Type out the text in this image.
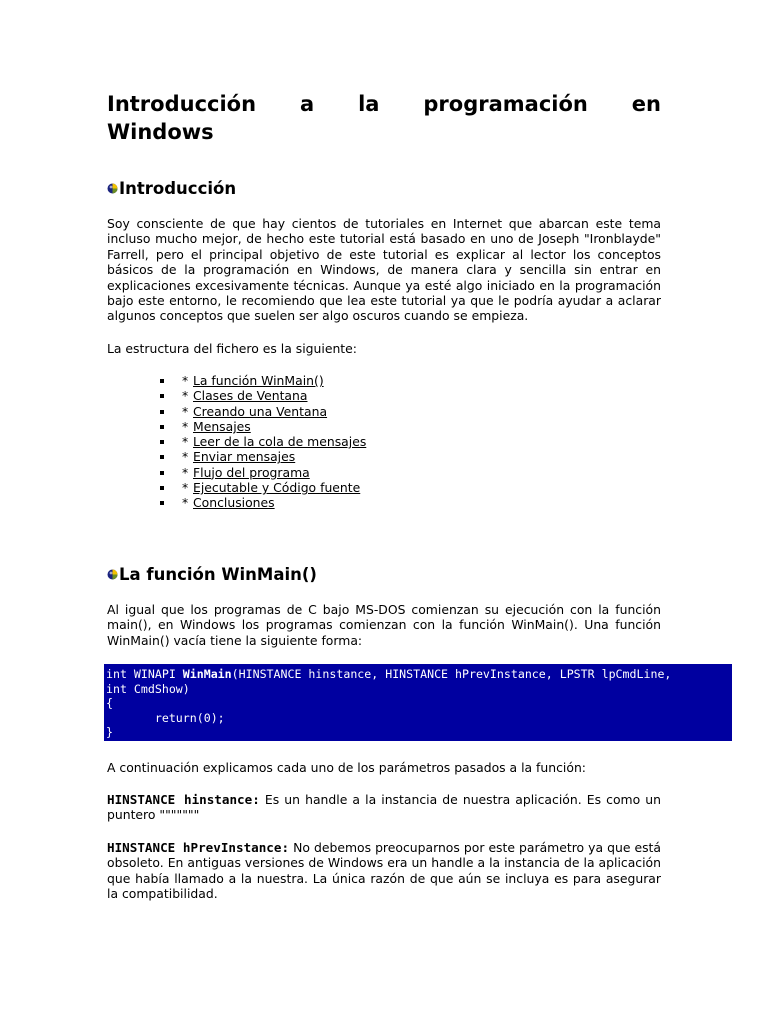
Introducción a la programación en
Windows
Introducción

Soy consciente de que hay cientos de tutoriales en Internet que abarcan este tema incluso mucho mejor, de hecho este tutorial está basado en uno de Joseph "Ironblayde" Farrell, pero el principal objetivo de este tutorial es explicar al lector los conceptos básicos de la programación en Windows, de manera clara y sencilla sin entrar en explicaciones excesivamente técnicas. Aunque ya esté algo iniciado en la programación bajo este entorno, le recomiendo que lea este tutorial ya que le podría ayudar a aclarar algunos conceptos que suelen ser algo oscuros cuando se empieza.

La estructura del fichero es la siguiente:

* La función WinMain()
* Clases de Ventana
* Creando una Ventana
* Mensajes
* Leer de la cola de mensajes
* Enviar mensajes
* Flujo del programa
* Ejecutable y Código fuente
* Conclusiones
La función WinMain()

Al igual que los programas de C bajo MS-DOS comienzan su ejecución con la función main(), en Windows los programas comienzan con la función WinMain(). Una función WinMain() vacía tiene la siguiente forma:

A continuación explicamos cada uno de los parámetros pasados a la función:

HINSTANCE hinstance: Es un handle a la instancia de nuestra aplicación. Es como un puntero """""""

HINSTANCE hPrevInstance: No debemos preocuparnos por este parámetro ya que está obsoleto. En antiguas versiones de Windows era un handle a la instancia de la aplicación que había llamado a la nuestra. La única razón de que aún se incluya es para asegurar la compatibilidad.

int WINAPI WinMain(HINSTANCE hinstance, HINSTANCE hPrevInstance, LPSTR lpCmdLine,
int CmdShow)
{
return(0);
}
